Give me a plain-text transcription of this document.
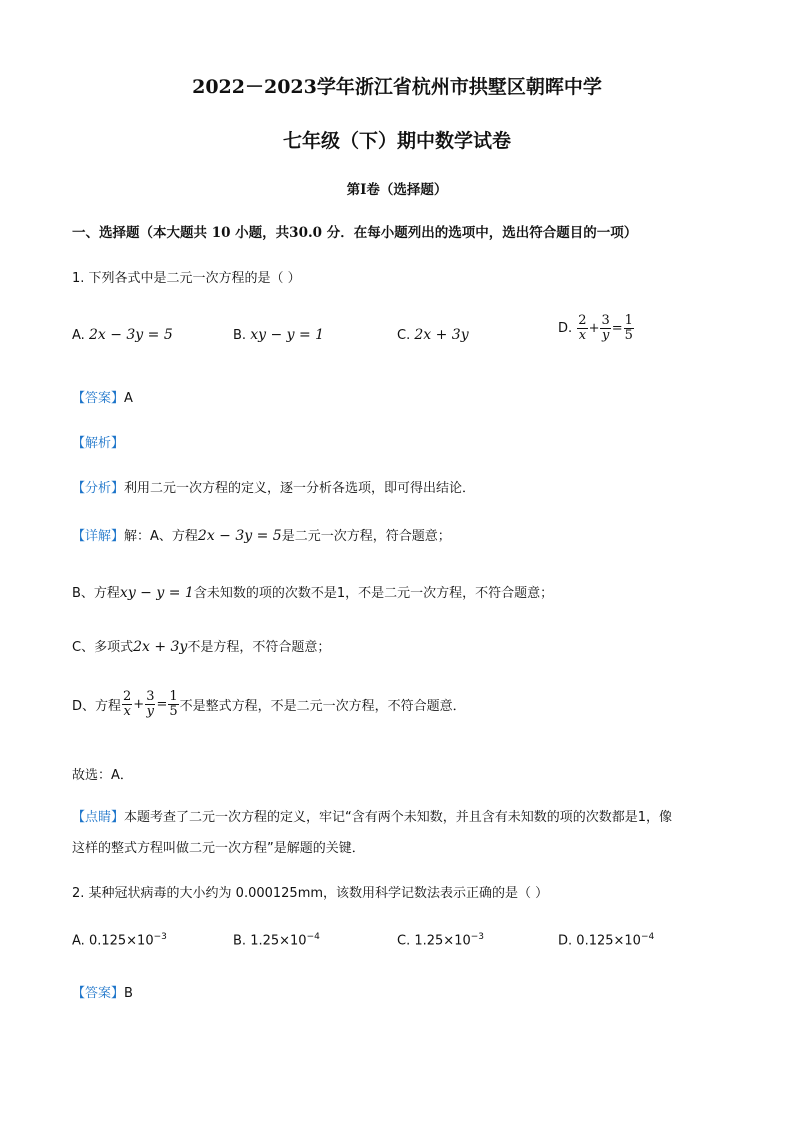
2022－2023学年浙江省杭州市拱墅区朝晖中学
七年级（下）期中数学试卷
第I卷（选择题）
一、选择题（本大题共 10 小题，共30.0 分．在每小题列出的选项中，选出符合题目的一项）
1. 下列各式中是二元一次方程的是（ ）
A. 2x − 3y = 5	B. xy − y = 1	C. 2x + 3y	D. $\frac{2}{x} + \frac{3}{y} = \frac{1}{5}$
【答案】A
【解析】
【分析】利用二元一次方程的定义，逐一分析各选项，即可得出结论．
【详解】解：A、方程2x − 3y = 5是二元一次方程，符合题意；
B、方程xy − y = 1含未知数的项的次数不是1，不是二元一次方程，不符合题意；
C、多项式2x + 3y不是方程，不符合题意；
D、方程 $\frac{2}{x} + \frac{3}{y} = \frac{1}{5}$ 不是整式方程，不是二元一次方程，不符合题意．
故选：A．
【点睛】本题考查了二元一次方程的定义，牢记“含有两个未知数，并且含有未知数的项的次数都是1，像
这样的整式方程叫做二元一次方程”是解题的关键．
2. 某种冠状病毒的大小约为 0.000125mm，该数用科学记数法表示正确的是（ ）
A. $0.125\times 10^{-3}$	B. $1.25\times 10^{-4}$	C. $1.25\times 10^{-3}$	D. $0.125\times 10^{-4}$
【答案】B
